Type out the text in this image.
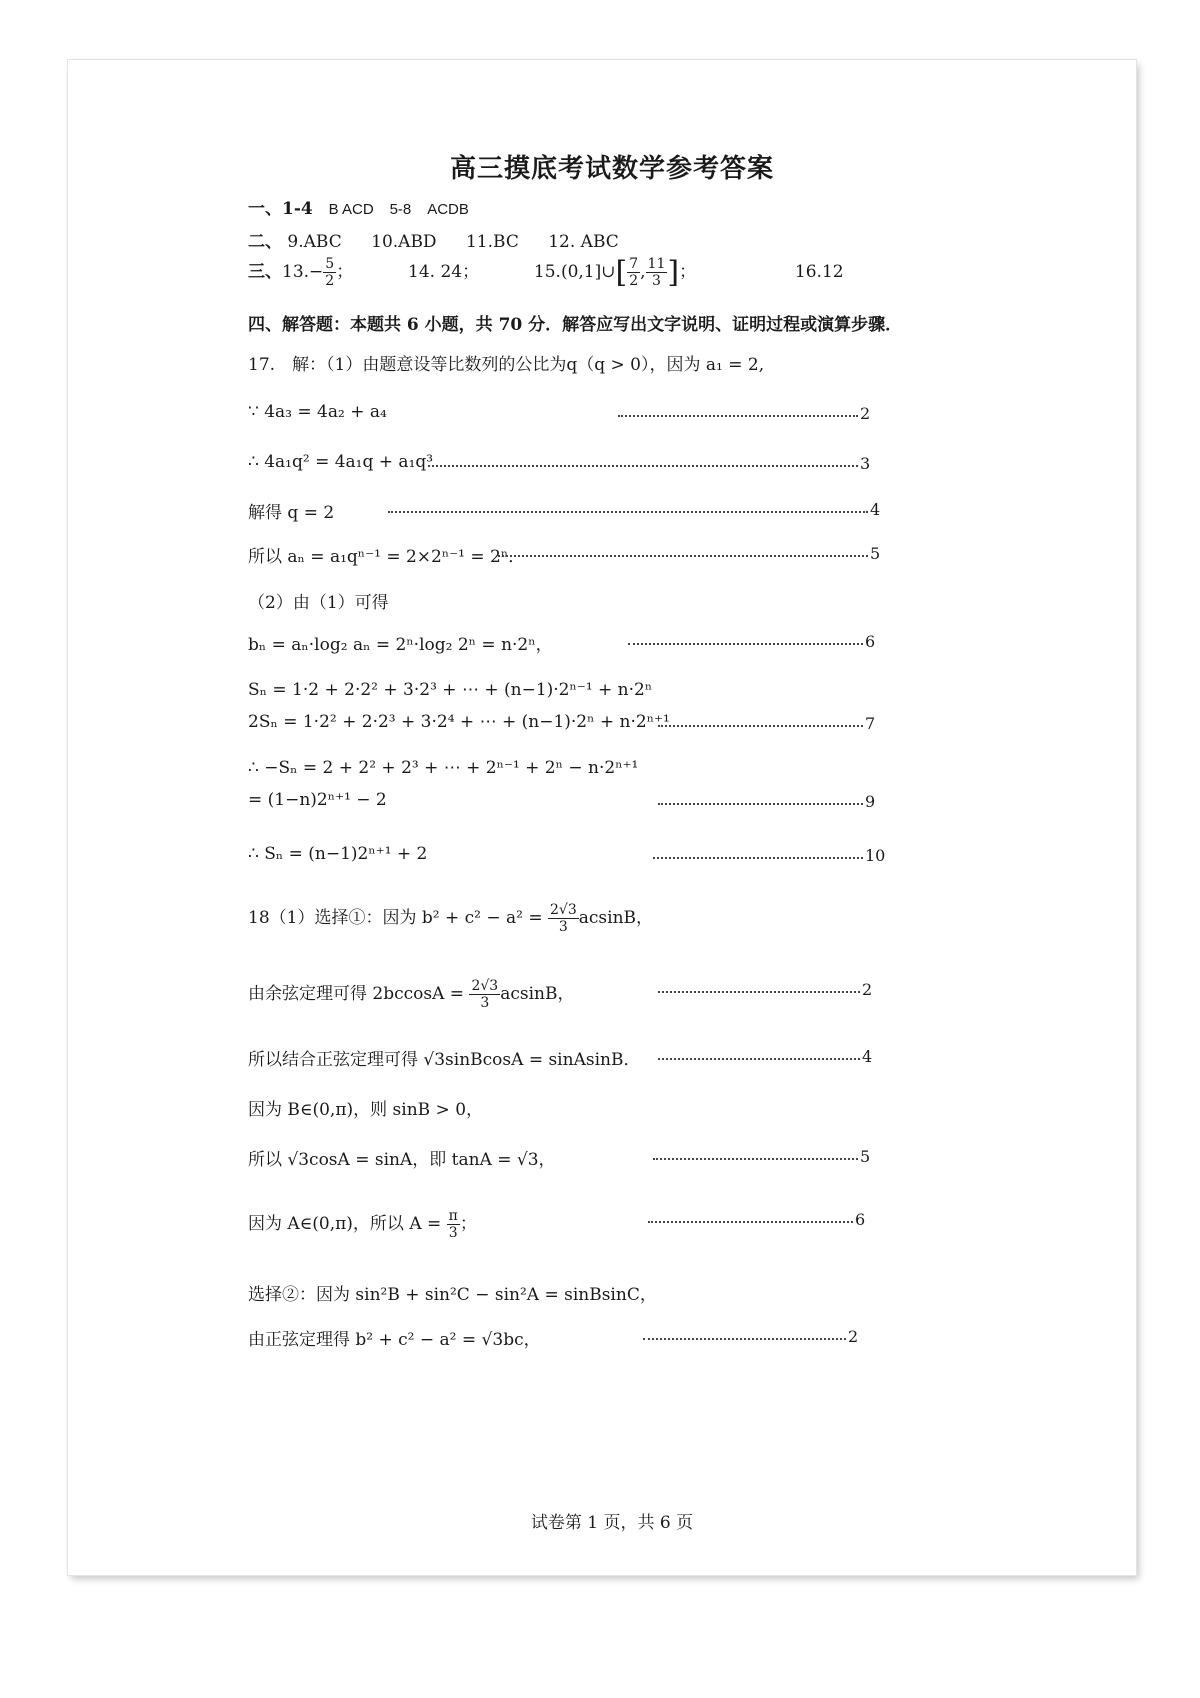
高三摸底考试数学参考答案
一、1-4 B ACD 5-8 ACDB
二、 9.ABC 10.ABD 11.BC 12. ABC
三、$13.- \frac{5}{2}$ ；	14. 24；	15.(0,1]∪[ $\frac{7}{2}$ , $\frac{11}{3}$ ]；	16.12
四、解答题：本题共 6 小题，共 70 分．解答应写出文字说明、证明过程或演算步骤．
17.　解：（1）由题意设等比数列的公比为q（q > 0），因为 a₁ = 2,
∵ 4a₃ = 4a₂ + a₄	2
∴ 4a₁q² = 4a₁q + a₁q³	3
解得 q = 2	4
所以 aₙ = a₁qⁿ⁻¹ = 2×2ⁿ⁻¹ = 2ⁿ．	5
（2）由（1）可得
bₙ = aₙ·log₂ aₙ = 2ⁿ·log₂ 2ⁿ = n·2ⁿ，	6
Sₙ = 1·2 + 2·2² + 3·2³ + ⋯ + (n−1)·2ⁿ⁻¹ + n·2ⁿ
2Sₙ = 1·2² + 2·2³ + 3·2⁴ + ⋯ + (n−1)·2ⁿ + n·2ⁿ⁺¹	7
∴ −Sₙ = 2 + 2² + 2³ + ⋯ + 2ⁿ⁻¹ + 2ⁿ − n·2ⁿ⁺¹
= (1−n)2ⁿ⁺¹ − 2	9
∴ Sₙ = (n−1)2ⁿ⁺¹ + 2	10
18（1）选择①：因为 $b^2 + c^2 - a^2 = \frac{2√3}{3}$ acsinB，
由余弦定理可得 $2bccosA = \frac{2√3}{3}$ acsinB，	2
所以结合正弦定理可得 √3sinBcosA = sinAsinB．	4
因为 B∈(0,π)，则 sinB > 0，
所以 √3cosA = sinA，即 tanA = √3，	5
因为 A∈(0,π)，所以 $A = \frac{\pi}{3}$ ；	6
选择②：因为 sin²B + sin²C − sin²A = sinBsinC，
由正弦定理得 b² + c² − a² = √3bc，	2
试卷第 1 页，共 6 页
